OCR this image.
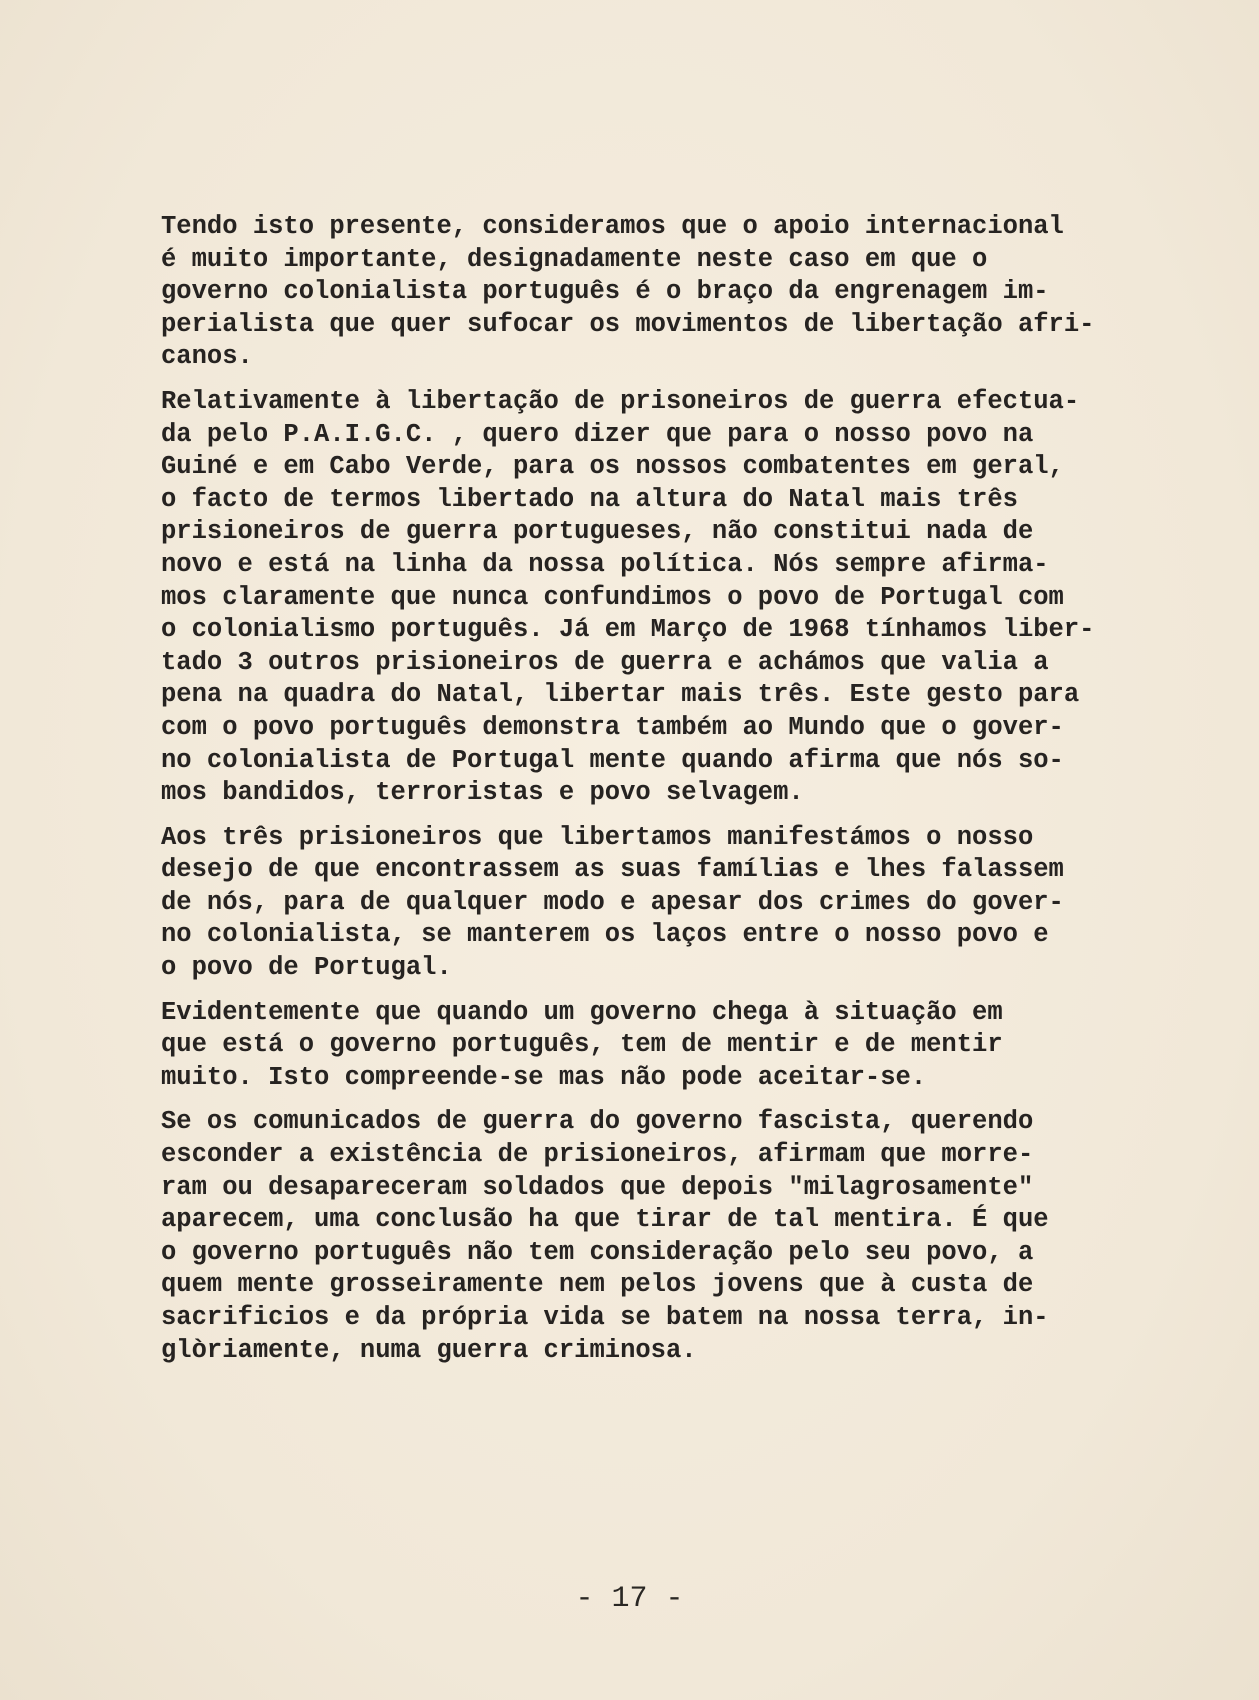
Tendo isto presente, consideramos que o apoio internacional
é muito importante, designadamente neste caso em que o
governo colonialista português é o braço da engrenagem im-
perialista que quer sufocar os movimentos de libertação afri-
canos.
Relativamente à libertação de prisoneiros de guerra efectua-
da pelo P.A.I.G.C. , quero dizer que para o nosso povo na
Guiné e em Cabo Verde, para os nossos combatentes em geral,
o facto de termos libertado na altura do Natal mais três
prisioneiros de guerra portugueses, não constitui nada de
novo e está na linha da nossa política. Nós sempre afirma-
mos claramente que nunca confundimos o povo de Portugal com
o colonialismo português. Já em Março de 1968 tínhamos liber-
tado 3 outros prisioneiros de guerra e achámos que valia a
pena na quadra do Natal, libertar mais três. Este gesto para
com o povo português demonstra também ao Mundo que o gover-
no colonialista de Portugal mente quando afirma que nós so-
mos bandidos, terroristas e povo selvagem.
Aos três prisioneiros que libertamos manifestámos o nosso
desejo de que encontrassem as suas famílias e lhes falassem
de nós, para de qualquer modo e apesar dos crimes do gover-
no colonialista, se manterem os laços entre o nosso povo e
o povo de Portugal.
Evidentemente que quando um governo chega à situação em
que está o governo português, tem de mentir e de mentir
muito. Isto compreende-se mas não pode aceitar-se.
Se os comunicados de guerra do governo fascista, querendo
esconder a existência de prisioneiros, afirmam que morre-
ram ou desapareceram soldados que depois "milagrosamente"
aparecem, uma conclusão ha que tirar de tal mentira. É que
o governo português não tem consideração pelo seu povo, a
quem mente grosseiramente nem pelos jovens que à custa de
sacrificios e da própria vida se batem na nossa terra, in-
glòriamente, numa guerra criminosa.
- 17 -
